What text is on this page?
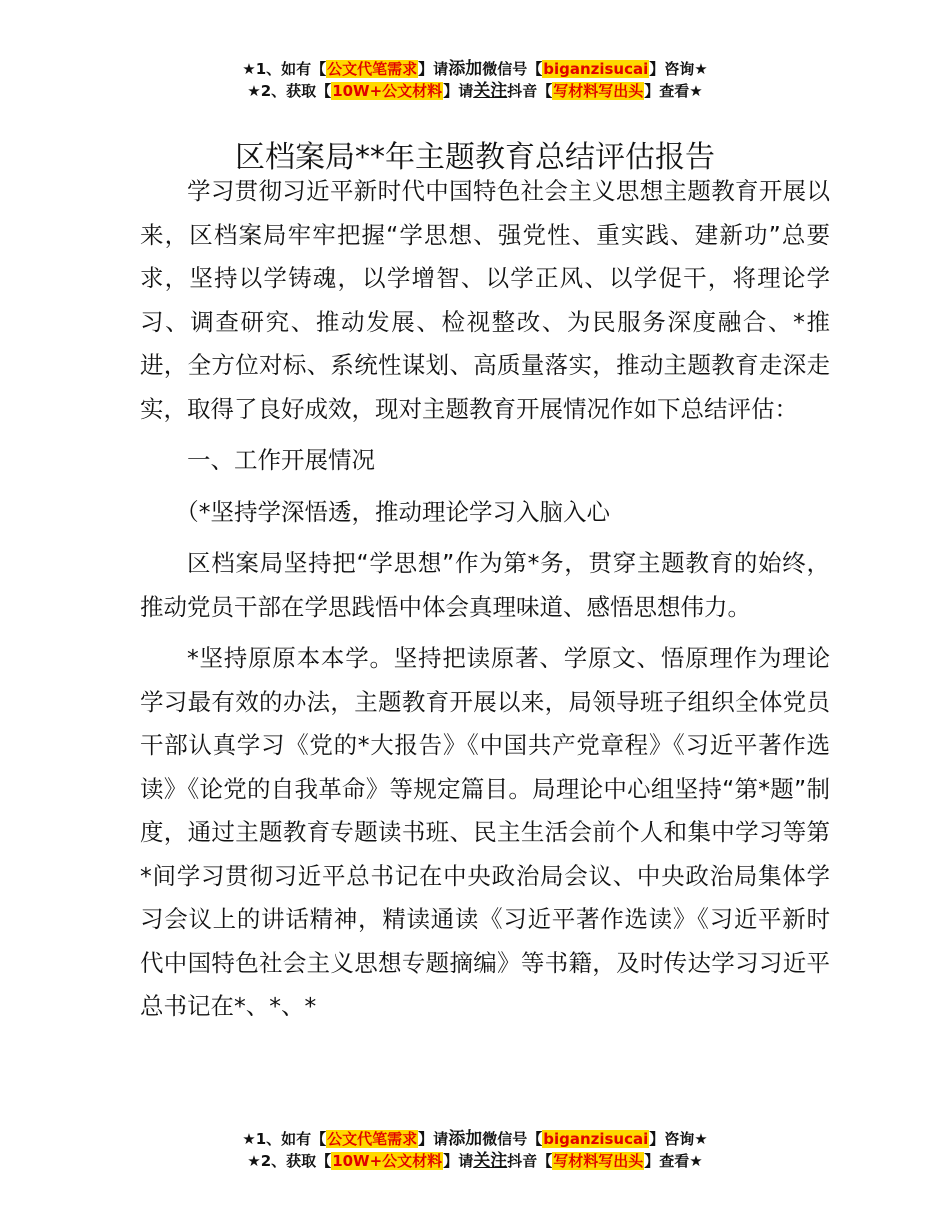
★1、如有【公文代笔需求】请添加微信号【biganzisucai】咨询★
★2、获取【10W+公文材料】请关注抖音【写材料写出头】查看★
区档案局**年主题教育总结评估报告

学习贯彻习近平新时代中国特色社会主义思想主题教育开展以来，区档案局牢牢把握“学思想、强党性、重实践、建新功”总要求，坚持以学铸魂，以学增智、以学正风、以学促干，将理论学习、调查研究、推动发展、检视整改、为民服务深度融合、*推进，全方位对标、系统性谋划、高质量落实，推动主题教育走深走实，取得了良好成效，现对主题教育开展情况作如下总结评估：

一、工作开展情况

（*坚持学深悟透，推动理论学习入脑入心

区档案局坚持把“学思想”作为第*务，贯穿主题教育的始终，推动党员干部在学思践悟中体会真理味道、感悟思想伟力。

*坚持原原本本学。坚持把读原著、学原文、悟原理作为理论学习最有效的办法，主题教育开展以来，局领导班子组织全体党员干部认真学习《党的*大报告》《中国共产党章程》《习近平著作选读》《论党的自我革命》等规定篇目。局理论中心组坚持“第*题”制度，通过主题教育专题读书班、民主生活会前个人和集中学习等第*间学习贯彻习近平总书记在中央政治局会议、中央政治局集体学习会议上的讲话精神，精读通读《习近平著作选读》《习近平新时代中国特色社会主义思想专题摘编》等书籍，及时传达学习习近平总书记在*、*、*

★1、如有【公文代笔需求】请添加微信号【biganzisucai】咨询★
★2、获取【10W+公文材料】请关注抖音【写材料写出头】查看★
